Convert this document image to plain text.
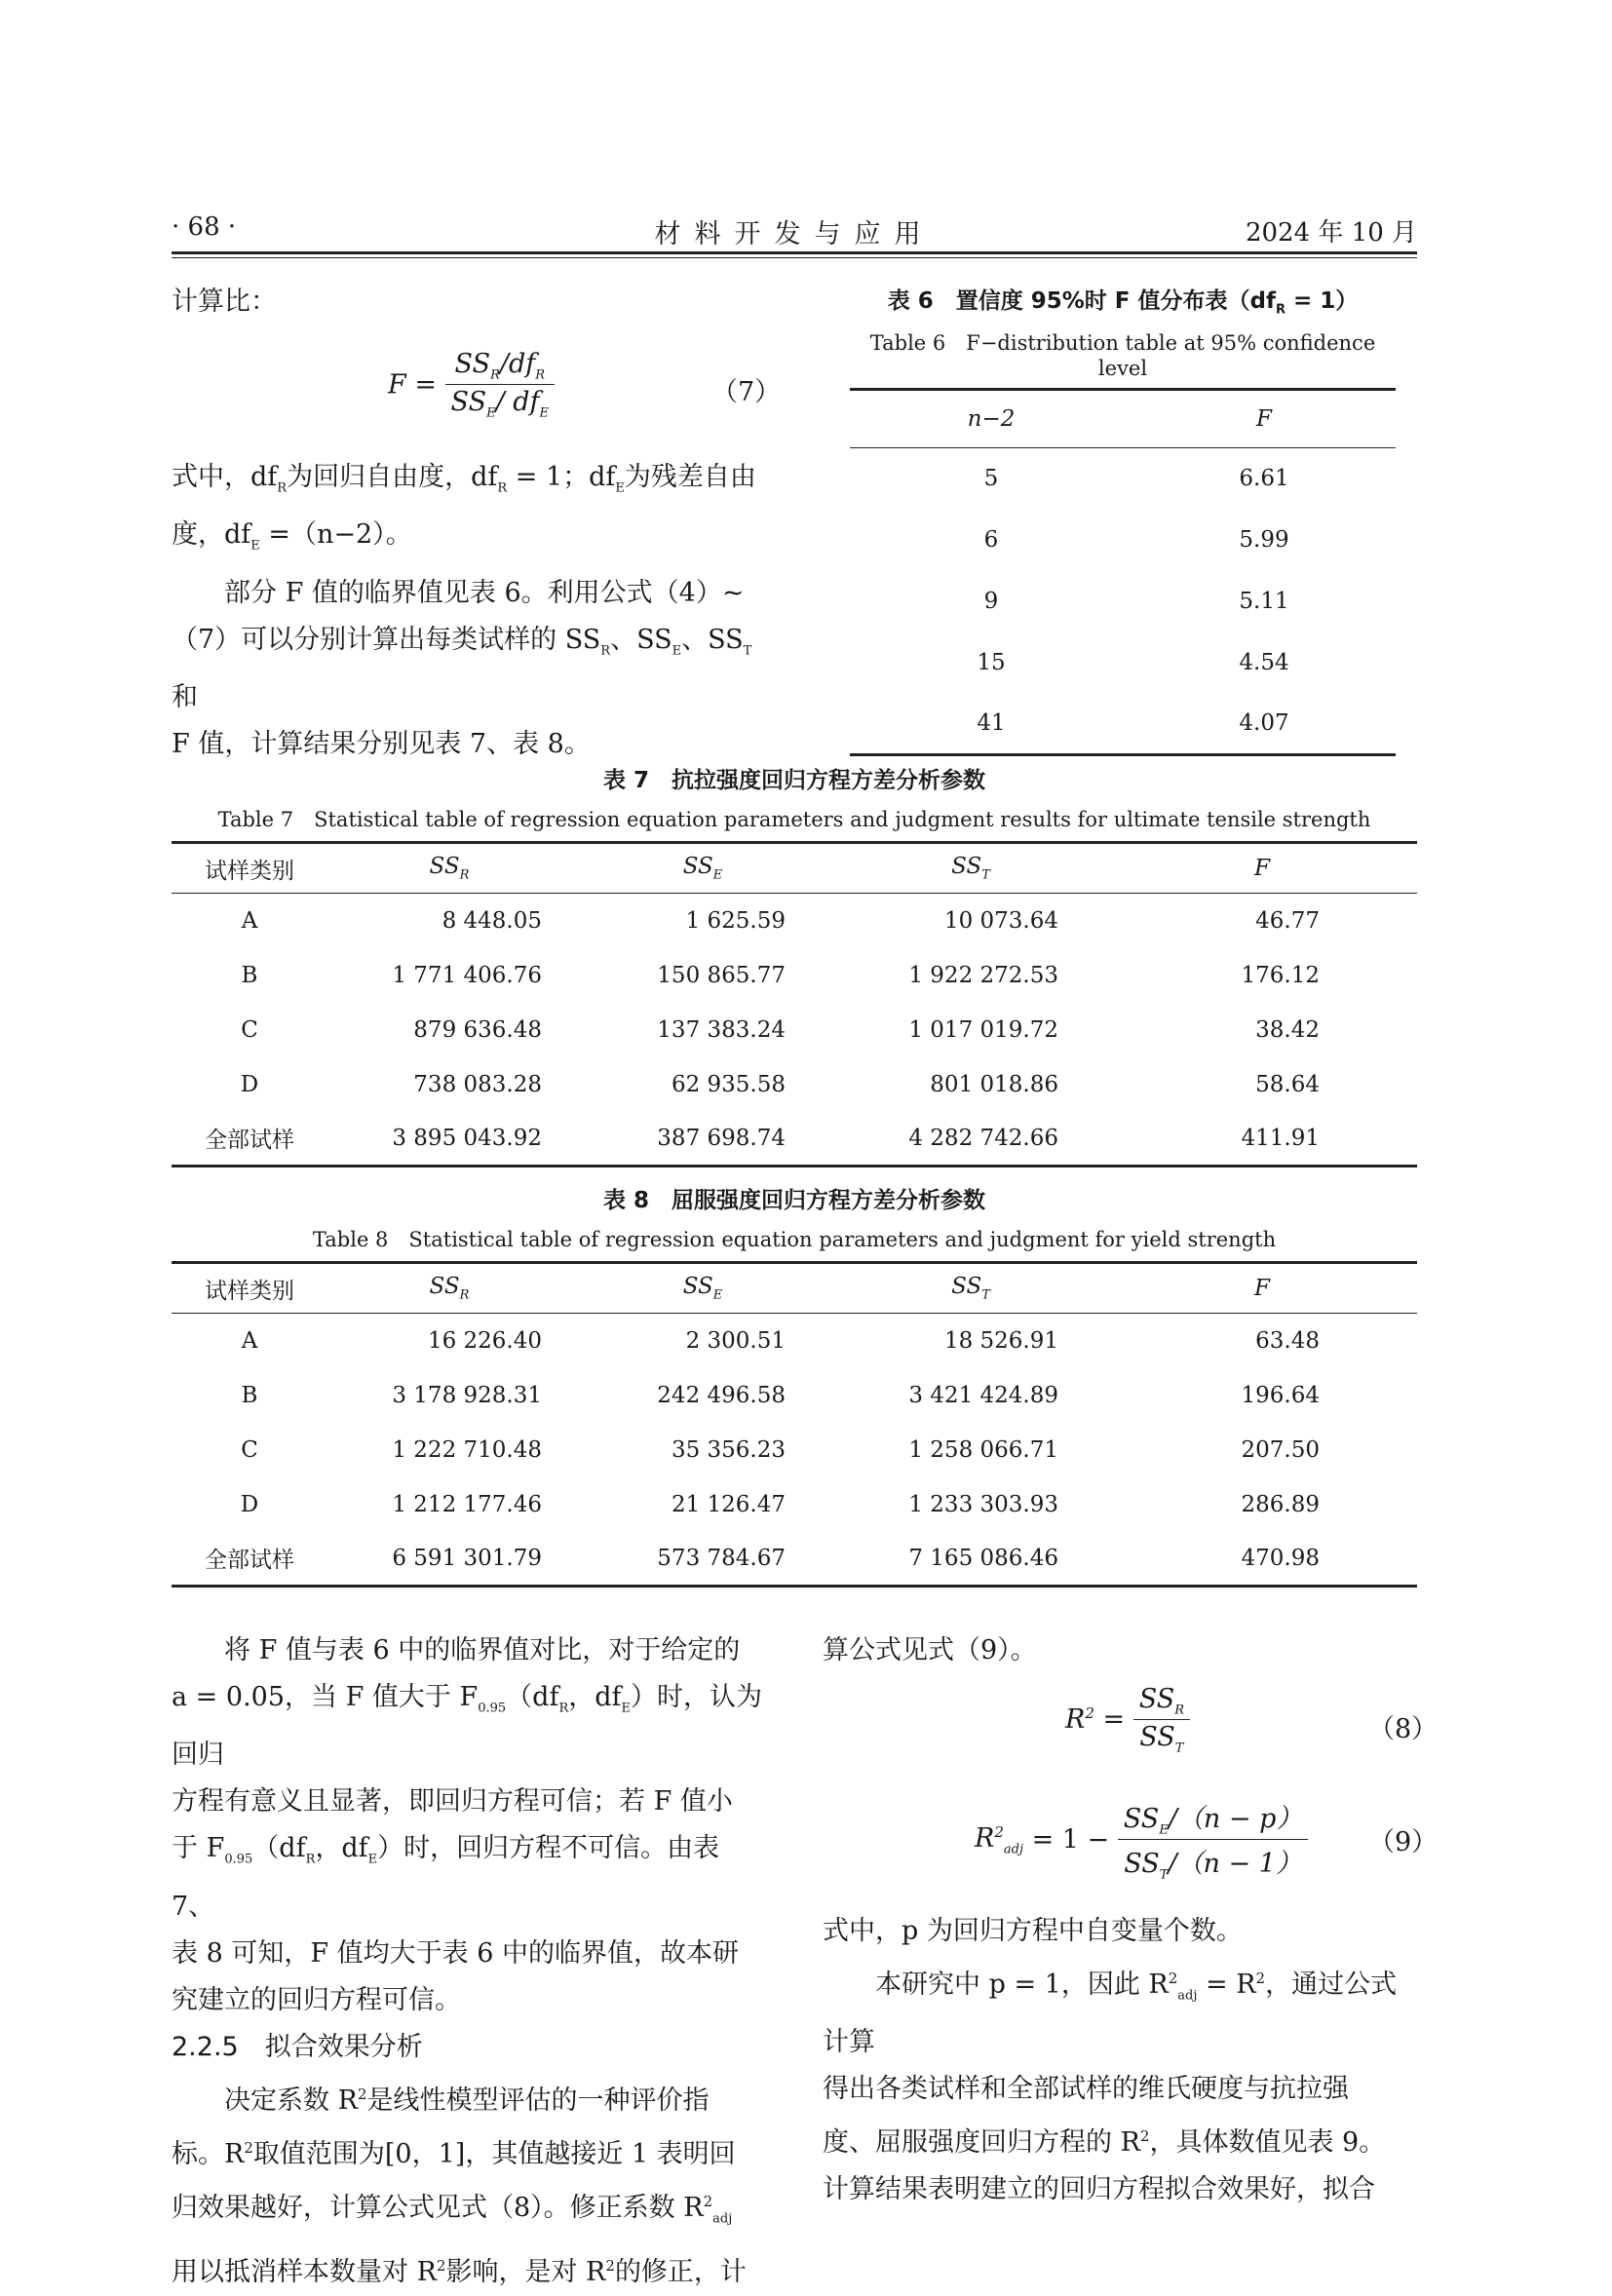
· 68 ·	材料开发与应用	2024 年 10 月
计算比：
$F = \frac{SS_R/df_R}{SS_E/ df_E}$	（7）
式中，$df_R$为回归自由度，$df_R = 1$；$df_E$为残差自由
度，$df_E =(n-2)$。
部分 F 值的临界值见表 6。利用公式（4）~
（7）可以分别计算出每类试样的 $SS_R$、$SS_E$、$SS_T$和
F 值，计算结果分别见表 7、表 8。
表 6　置信度 95%时 F 值分布表$(df_R = 1)$
Table 6　F−distribution table at 95% confidence level
n−2	F
5	6.61
6	5.99
9	5.11
15	4.54
41	4.07
表 7　抗拉强度回归方程方差分析参数
Table 7　Statistical table of regression equation parameters and judgment results for ultimate tensile strength
试样类别	$SS_R$	$SS_E$	$SS_T$	F
A	8 448.05	1 625.59	10 073.64	46.77
B	1 771 406.76	150 865.77	1 922 272.53	176.12
C	879 636.48	137 383.24	1 017 019.72	38.42
D	738 083.28	62 935.58	801 018.86	58.64
全部试样	3 895 043.92	387 698.74	4 282 742.66	411.91
表 8　屈服强度回归方程方差分析参数
Table 8　Statistical table of regression equation parameters and judgment for yield strength
试样类别	$SS_R$	$SS_E$	$SS_T$	F
A	16 226.40	2 300.51	18 526.91	63.48
B	3 178 928.31	242 496.58	3 421 424.89	196.64
C	1 222 710.48	35 356.23	1 258 066.71	207.50
D	1 212 177.46	21 126.47	1 233 303.93	286.89
全部试样	6 591 301.79	573 784.67	7 165 086.46	470.98
将 F 值与表 6 中的临界值对比，对于给定的
a = 0.05，当 F 值大于 $F_{0.95}(df_R$，$df_E$）时，认为回归
方程有意义且显著，即回归方程可信；若 F 值小
于 $F_{0.95}(df_R$，$df_E$）时，回归方程不可信。由表 7、
表 8 可知，F 值均大于表 6 中的临界值，故本研
究建立的回归方程可信。
2.2.5　拟合效果分析
决定系数 $R^2$是线性模型评估的一种评价指
标。$R^2$取值范围为[0，1]，其值越接近 1 表明回
归效果越好，计算公式见式（8）。修正系数 $R^2_{adj}$
用以抵消样本数量对 $R^2$影响，是对 $R^2$的修正，计
算公式见式（9）。
$R^2 = \frac{SS_R}{SS_T}$	（8）
$R^2_{adj} = 1 - \frac{SS_E/(n - p)}{SS_T/(n - 1)} (9)$
式中，p 为回归方程中自变量个数。
本研究中 p = 1，因此 $R^2_{adj} = R^2$，通过公式计算
得出各类试样和全部试样的维氏硬度与抗拉强
度、屈服强度回归方程的 $R^2$，具体数值见表 9。
计算结果表明建立的回归方程拟合效果好，拟合
